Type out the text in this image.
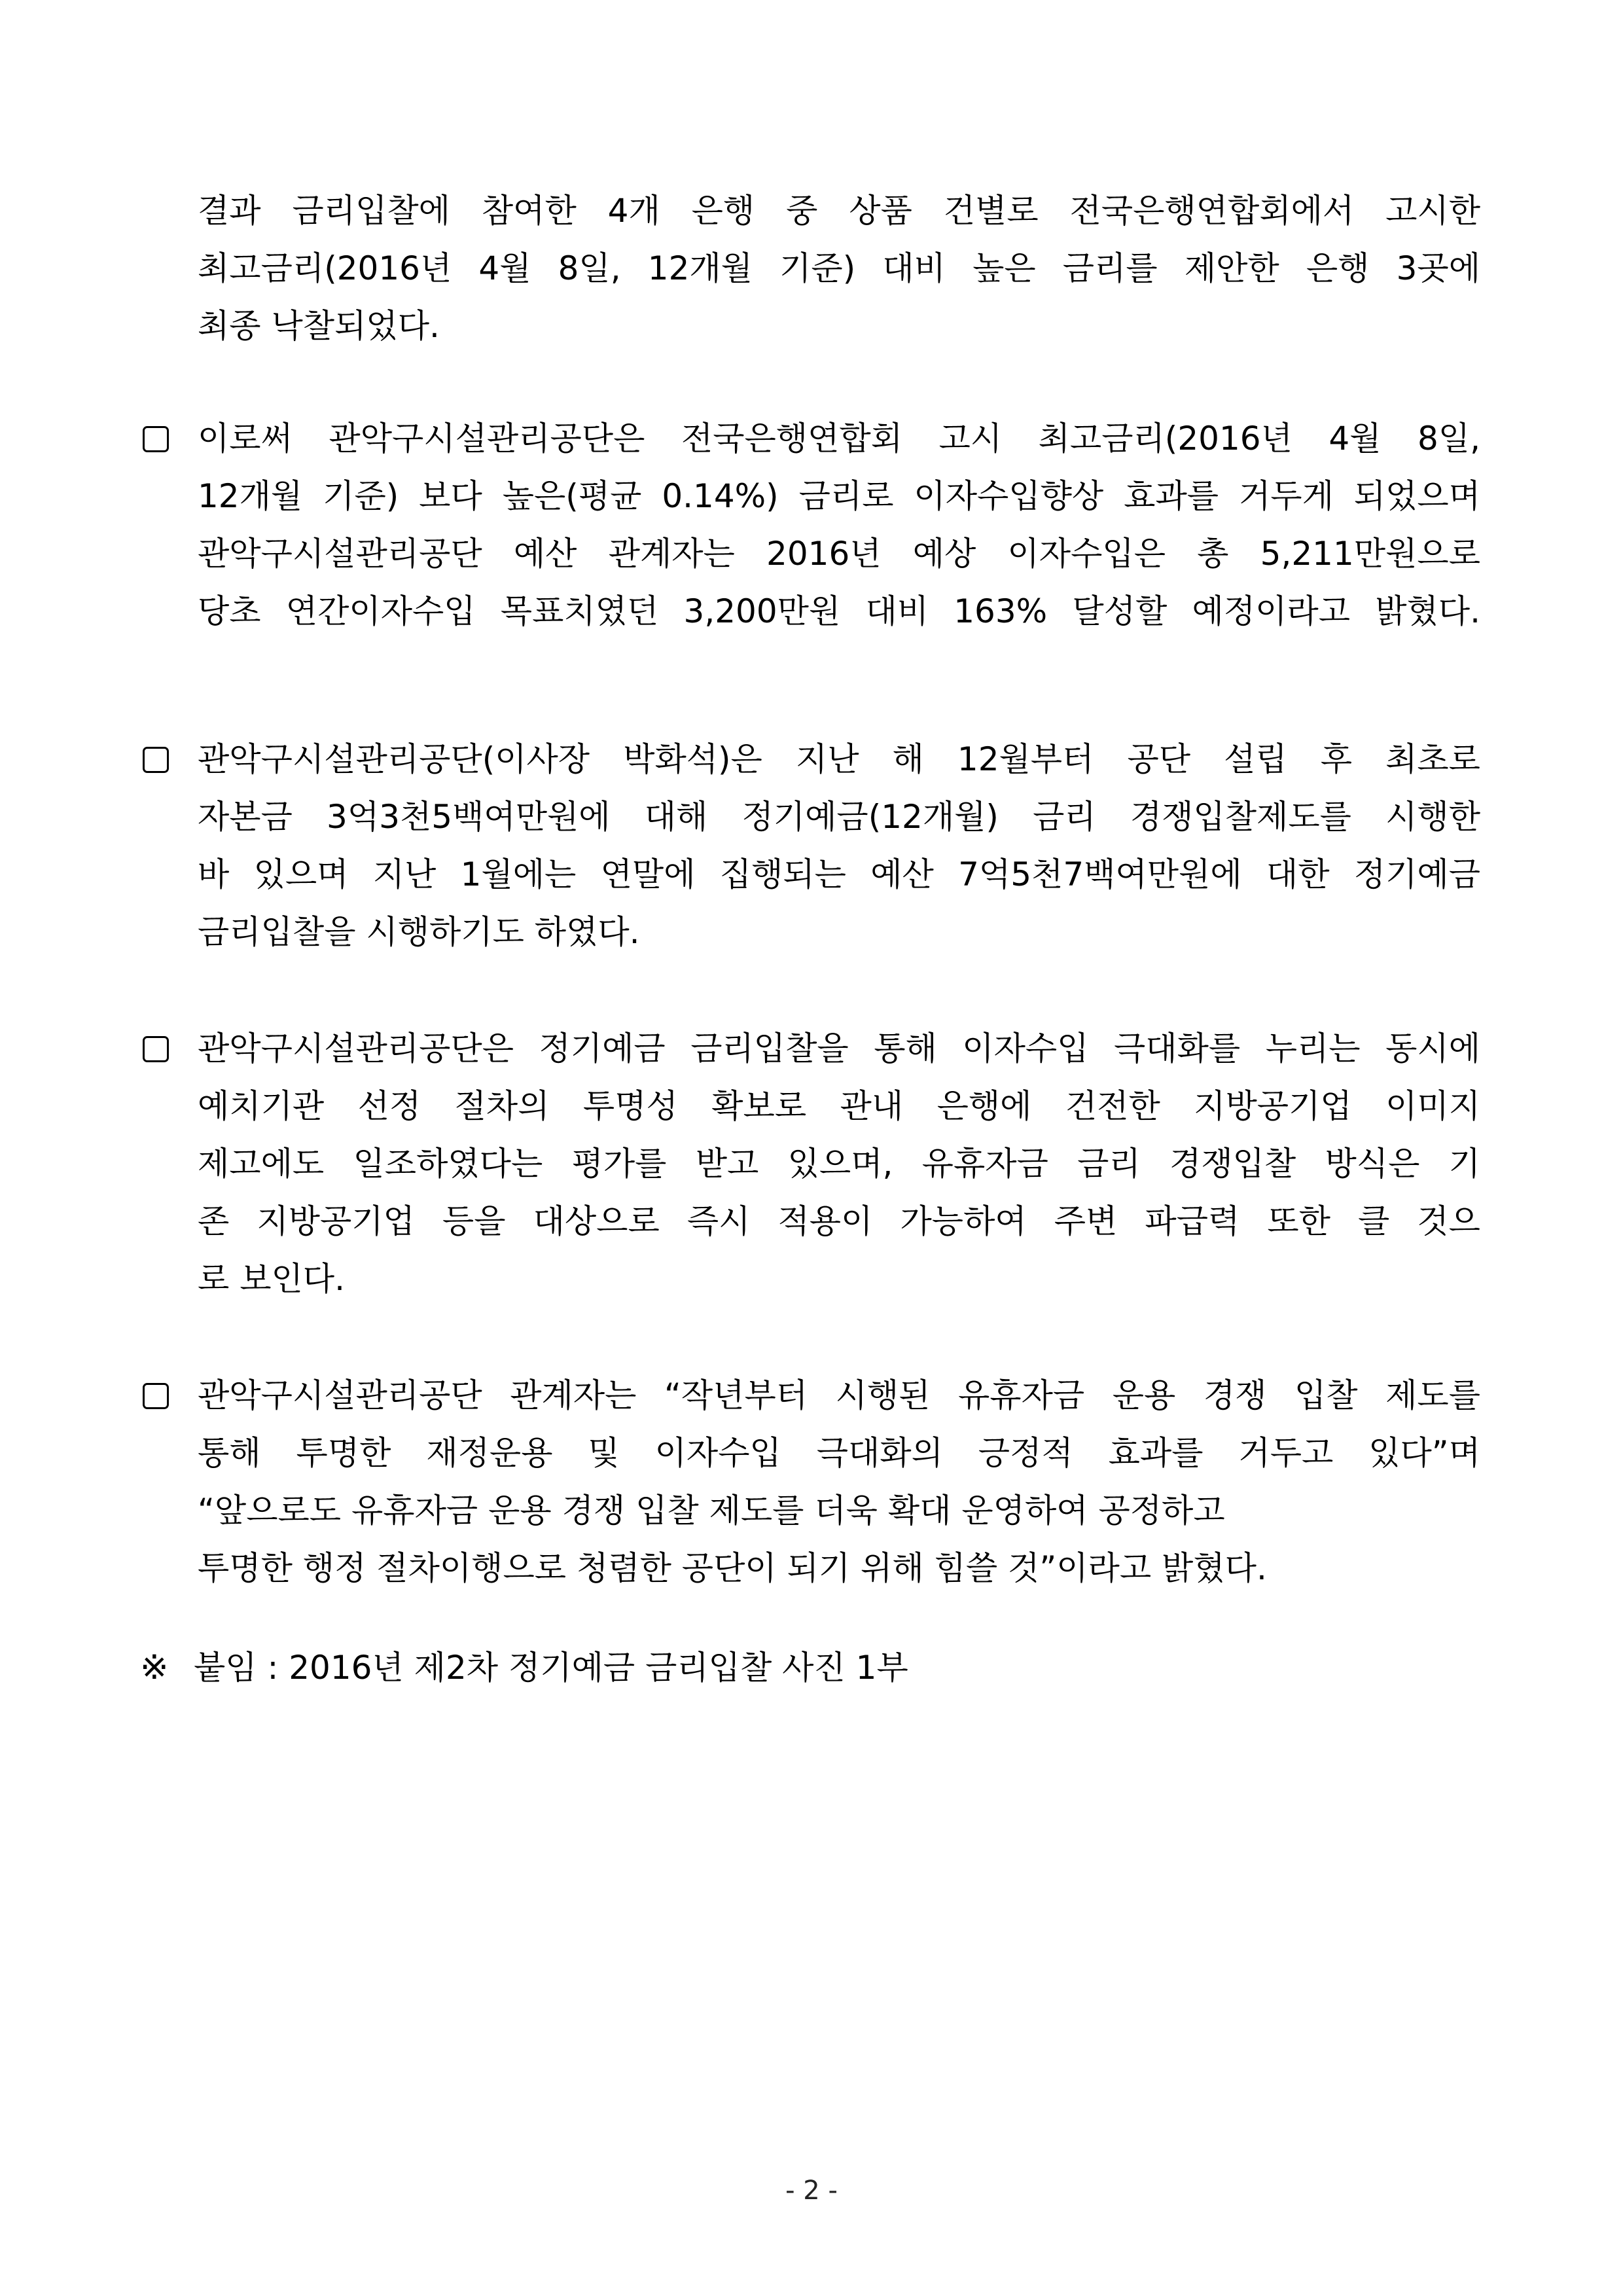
결과 금리입찰에 참여한 4개 은행 중 상품 건별로 전국은행연합회에서 고시한
최고금리(2016년 4월 8일, 12개월 기준) 대비 높은 금리를 제안한 은행 3곳에
최종 낙찰되었다.
이로써 관악구시설관리공단은 전국은행연합회 고시 최고금리(2016년 4월 8일,
12개월 기준) 보다 높은(평균 0.14%) 금리로 이자수입향상 효과를 거두게 되었으며
관악구시설관리공단 예산 관계자는 2016년 예상 이자수입은 총 5,211만원으로
당초 연간이자수입 목표치였던 3,200만원 대비 163% 달성할 예정이라고 밝혔다.
관악구시설관리공단(이사장 박화석)은 지난 해 12월부터 공단 설립 후 최초로
자본금 3억3천5백여만원에 대해 정기예금(12개월) 금리 경쟁입찰제도를 시행한
바 있으며 지난 1월에는 연말에 집행되는 예산 7억5천7백여만원에 대한 정기예금
금리입찰을 시행하기도 하였다.
관악구시설관리공단은 정기예금 금리입찰을 통해 이자수입 극대화를 누리는 동시에
예치기관 선정 절차의 투명성 확보로 관내 은행에 건전한 지방공기업 이미지
제고에도 일조하였다는 평가를 받고 있으며, 유휴자금 금리 경쟁입찰 방식은 기
존 지방공기업 등을 대상으로 즉시 적용이 가능하여 주변 파급력 또한 클 것으
로 보인다.
관악구시설관리공단 관계자는 “작년부터 시행된 유휴자금 운용 경쟁 입찰 제도를
통해 투명한 재정운용 및 이자수입 극대화의 긍정적 효과를 거두고 있다”며
“앞으로도 유휴자금 운용 경쟁 입찰 제도를 더욱 확대 운영하여 공정하고
투명한 행정 절차이행으로 청렴한 공단이 되기 위해 힘쓸 것”이라고 밝혔다.
※ 붙임 : 2016년 제2차 정기예금 금리입찰 사진 1부
- 2 -
